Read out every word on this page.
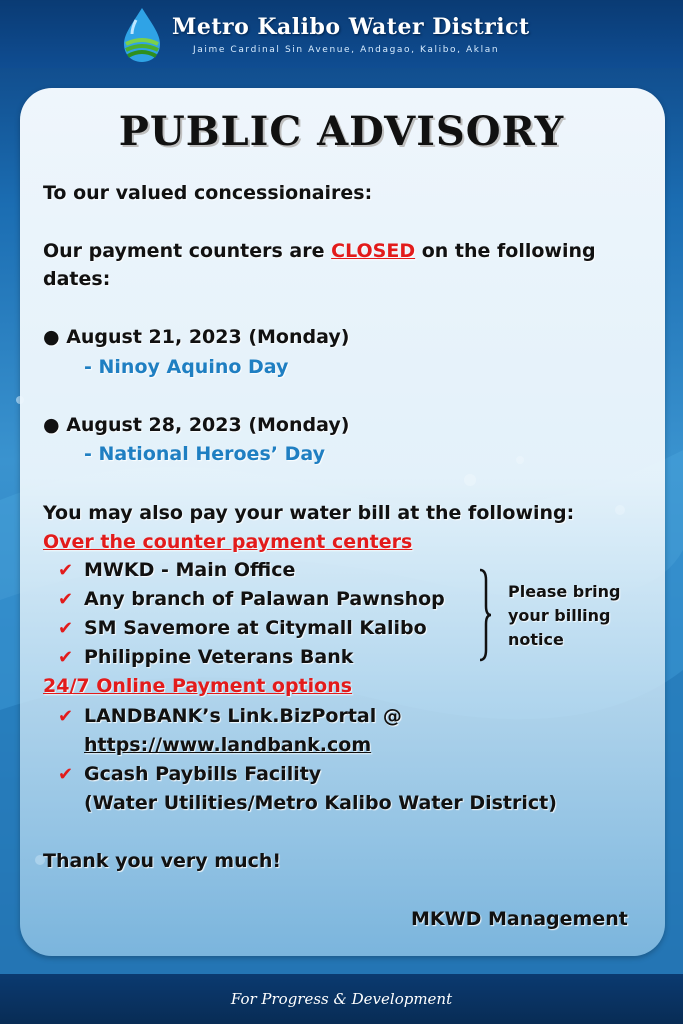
Metro Kalibo Water District
Jaime Cardinal Sin Avenue, Andagao, Kalibo, Aklan
PUBLIC ADVISORY
To our valued concessionaires:
Our payment counters are CLOSED on the following
dates:
● August 21, 2023 (Monday)
- Ninoy Aquino Day
● August 28, 2023 (Monday)
- National Heroes’ Day
You may also pay your water bill at the following:
Over the counter payment centers
✔ MWKD - Main Office
✔ Any branch of Palawan Pawnshop
✔ SM Savemore at Citymall Kalibo
✔ Philippine Veterans Bank
Please bring
your billing
notice
24/7 Online Payment options
✔ LANDBANK’s Link.BizPortal @
https://www.landbank.com
✔ Gcash Paybills Facility
(Water Utilities/Metro Kalibo Water District)
Thank you very much!
MKWD Management
For Progress & Development
